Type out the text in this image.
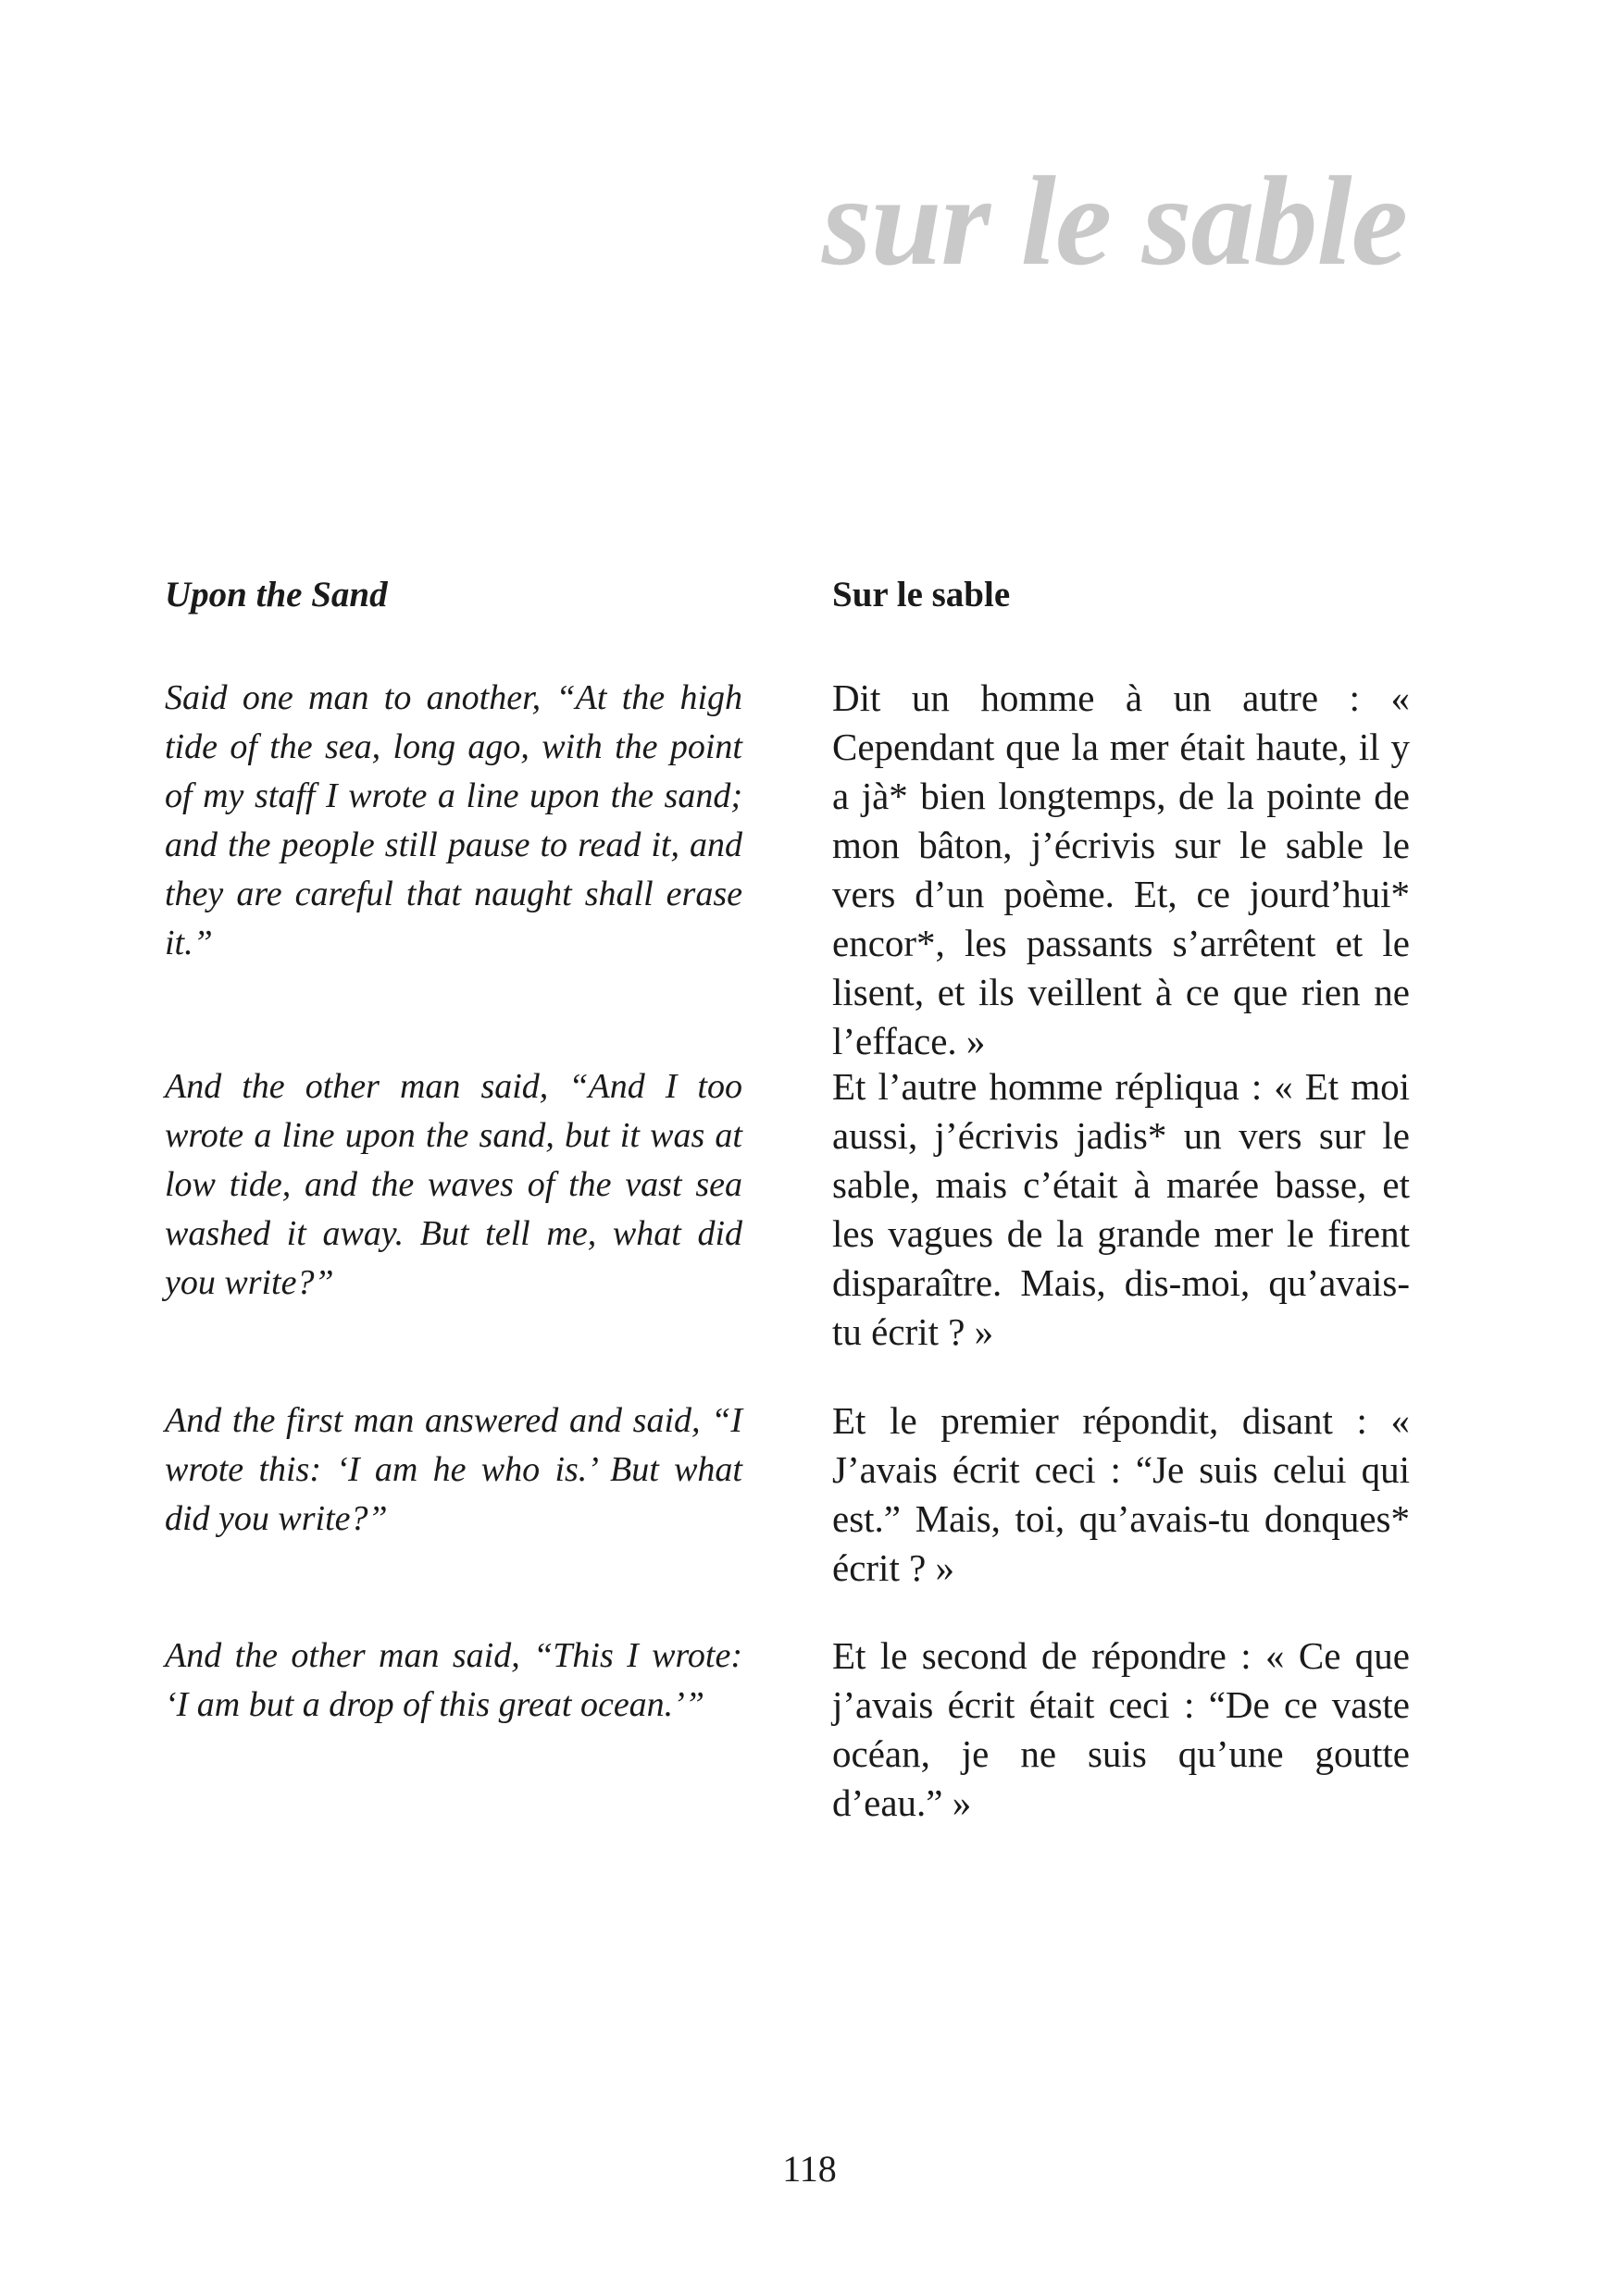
sur le sable
Upon the Sand

Said one man to another, “At the high tide of the sea, long ago, with the point of my staff I wrote a line upon the sand; and the people still pause to read it, and they are careful that naught shall erase it.”

And the other man said, “And I too wrote a line upon the sand, but it was at low tide, and the waves of the vast sea washed it away. But tell me, what did you write?”

And the first man answered and said, “I wrote this: ‘I am he who is.’ But what did you write?”

And the other man said, “This I wrote: ‘I am but a drop of this great ocean.’”

Sur le sable

Dit un homme à un autre : « Cependant que la mer était haute, il y a jà* bien longtemps, de la pointe de mon bâton, j’écrivis sur le sable le vers d’un poème. Et, ce jourd’hui* encor*, les passants s’arrêtent et le lisent, et ils veillent à ce que rien ne l’efface. »

Et l’autre homme répliqua : « Et moi aussi, j’écrivis jadis* un vers sur le sable, mais c’était à marée basse, et les vagues de la grande mer le firent disparaître. Mais, dis-moi, qu’avais-tu écrit ? »

Et le premier répondit, disant : « J’avais écrit ceci : “Je suis celui qui est.” Mais, toi, qu’avais-tu donques* écrit ? »

Et le second de répondre : « Ce que j’avais écrit était ceci : “De ce vaste océan, je ne suis qu’une goutte d’eau.” »

118
